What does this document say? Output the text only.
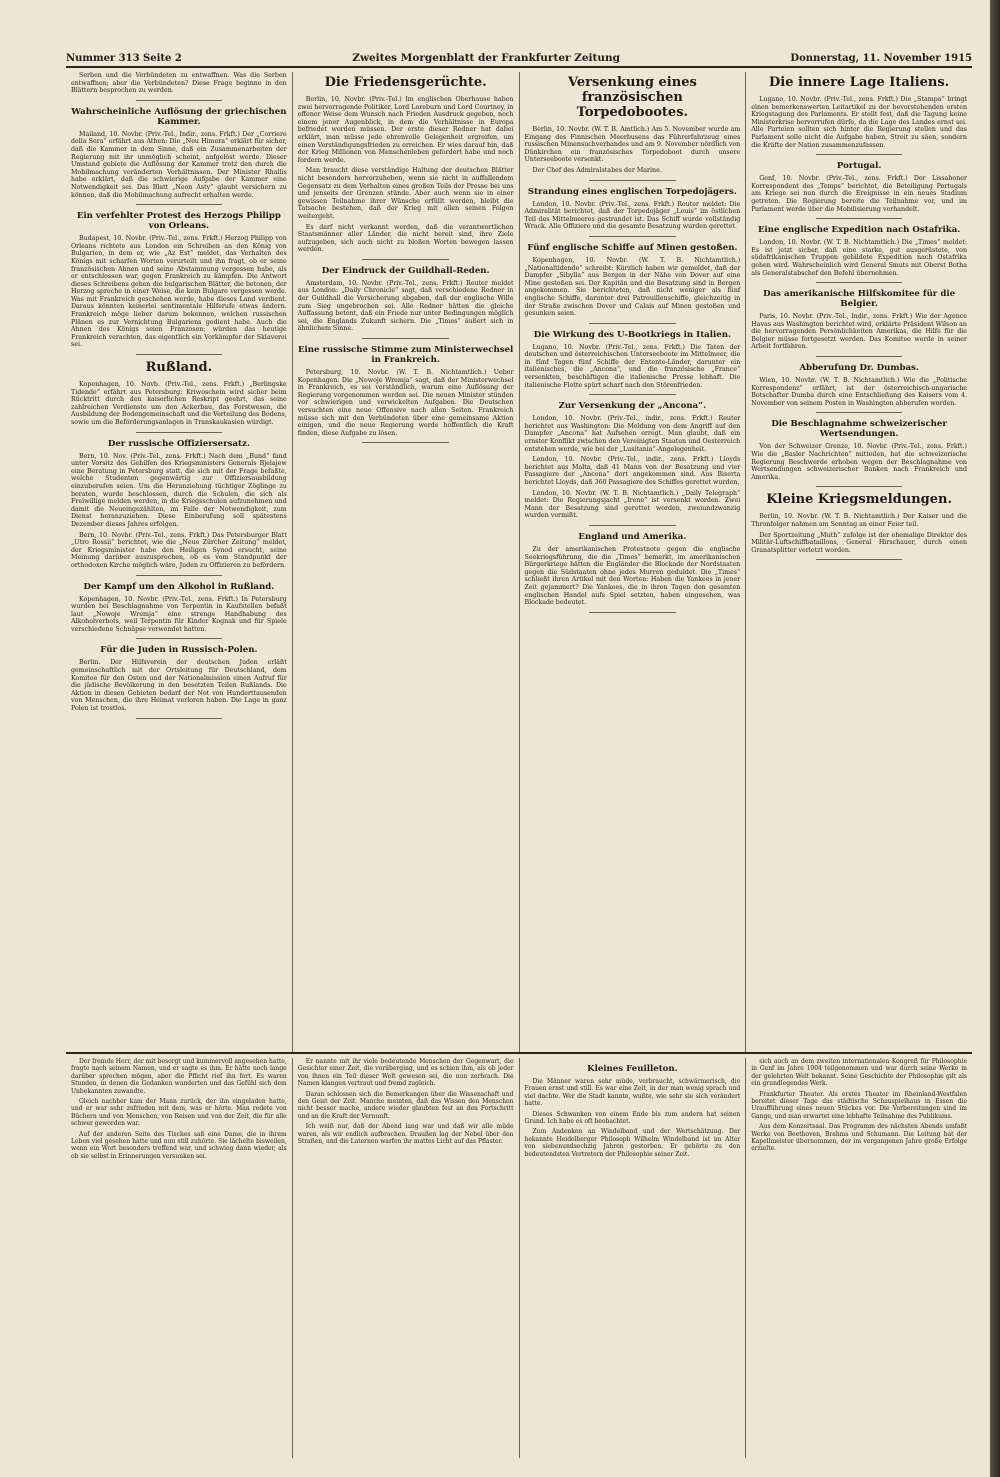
Nummer 313 Seite 2	Zweites Morgenblatt der Frankfurter Zeitung	Donnerstag, 11. November 1915

Serben und die Verbündeten zu entwaffnen. Was die Serben entwaffnen; aber die Verbündeten? Diese Frage beginne in den Blättern besprochen zu werden.

Wahrscheinliche Auflösung der griechischen Kammer.

Mailand, 10. Novbr. (Priv.-Tel., Indir., zens. Frkft.) Der „Corriere della Sera“ erfährt aus Athen: Die „Neu Himera“ erklärt für sicher, daß die Kammer in dem Sinne, daß ein Zusammenarbeiten der Regierung mit ihr unmöglich scheint, aufgelöst werde. Dieser Umstand gebiete die Auflösung der Kammer trotz den durch die Mobilmachung veränderten Verhältnissen. Der Minister Rhallis habe erklärt, daß die schwierige Aufgabe der Kammer eine Notwendigkeit sei. Das Blatt „Neon Asty“ glaubt versichern zu können, daß die Mobilmachung aufrecht erhalten werde.

Ein verfehlter Protest des Herzogs Philipp von Orleans.

Budapest, 10. Novbr. (Priv.-Tel., zens. Frkft.) Herzog Philipp von Orleans richtete aus London ein Schreiben an den König von Bulgarien, in dem er, wie „Az Est“ meldet, das Verhalten des Königs mit scharfen Worten verurteilt und ihn fragt, ob er seine französischen Ahnen und seine Abstammung vergessen habe, als er entschlossen war, gegen Frankreich zu kämpfen. Die Antwort dieses Schreibens gehen die bulgarischen Blätter, die betonen, der Herzog spreche in einer Weise, die kein Bulgare vergessen werde. Was mit Frankreich geschehen werde, habe dieses Land verdient. Daraus könnten keinerlei sentimentale Hilferufe etwas ändern. Frankreich möge lieber darum bekennen, welchen russischen Plänen es zur Vernichtung Bulgariens gedient habe. Auch die Ahnen des Königs seien Franzosen; würden das heutige Frankreich verachten, das eigentlich ein Vorkämpfer der Sklaverei sei.

Rußland.

Kopenhagen, 10. Novb. (Priv.-Tel., zens. Frkft.) „Berlingske Tidende“ erfährt aus Petersburg: Kriwoschein wird sicher beim Rücktritt durch den kaiserlichen Reskript geehrt, das seine zahlreichen Verdienste um den Ackerbau, das Forstwesen, die Ausbildung der Bodengemeinschaft und die Verteilung des Bodens, sowie um die Beförderungsanlagen in Transkaukasien würdigt.

Der russische Offiziersersatz.

Bern, 10. Nov. (Priv.-Tel., zens. Frkft.) Nach dem „Bund“ fand unter Vorsitz des Gehilfen des Kriegsministers Generals Bjelajew eine Beratung in Petersburg statt, die sich mit der Frage befaßte, welche Studenten gegenwärtig zur Offiziersausbildung einzuberufen seien. Um die Heranziehung tüchtiger Zöglinge zu beraten, wurde beschlossen, durch die Schulen, die sich als Freiwillige melden werden, in die Kriegsschulen aufzunehmen und damit die Neueingezählten, im Falle der Notwendigkeit, zum Dienst heranzuziehen. Diese Einberufung soll spätestens Dezember dieses Jahres erfolgen.

Bern, 10. Novbr. (Priv.-Tel., zens. Frkft.) Das Petersburger Blatt „Utro Rossii“ berichtet, wie die „Neue Zürcher Zeitung“ meldet, der Kriegsminister habe den Heiligen Synod ersucht, seine Meinung darüber auszusprechen, ob es vom Standpunkt der orthodoxen Kirche möglich wäre, Juden zu Offizieren zu befördern.

Der Kampf um den Alkohol in Rußland.

Kopenhagen, 10. Novbr. (Priv.-Tel., zens. Frkft.) In Petersburg wurden bei Beschlagnahme von Terpentin in Kaufstellen befaßt laut „Nowoje Wremja“ eine strenge Handhabung des Alkoholverbots, weil Terpentin für Kinder Kognak und für Spiele verschiedene Schnäpse verwendet hatten.

Für die Juden in Russisch-Polen.

Berlin. Der Hilfsverein der deutschen Juden erläßt gemeinschaftlich mit der Ortsleitung für Deutschland, dem Komitee für den Osten und der Nationalmission einen Aufruf für die jüdische Bevölkerung in den besetzten Teilen Rußlands. Die Aktion in diesen Gebieten bedarf der Not von Hunderttausenden von Menschen, die ihre Heimat verloren haben. Die Lage in ganz Polen ist trostlos.

Die Friedensgerüchte.

Berlin, 10. Novbr. (Priv.-Tel.) Im englischen Oberhause haben zwei hervorragende Politiker, Lord Loreburn und Lord Courtney, in offener Weise dem Wunsch nach Frieden Ausdruck gegeben, noch einem jener Augenblick, in dem die Verhältnisse in Europa befriedet werden müssen. Der erste dieser Redner hat dabei erklärt, man müsse jede ehrenvolle Gelegenheit ergreifen, um einen Verständigungsfrieden zu erreichen. Er wies darauf hin, daß der Krieg Millionen von Menschenleben gefordert habe und noch fordern werde.

Man braucht diese verständige Haltung der deutschen Blätter nicht besonders hervorzuheben, wenn sie nicht in auffallendem Gegensatz zu dem Verhalten eines großen Teils der Presse bei uns und jenseits der Grenzen stünde. Aber auch wenn sie in einer gewissen Teilnahme ihrer Wünsche erfüllt werden, bleibt die Tatsache bestehen, daß der Krieg mit allen seinen Folgen weitergeht.

Es darf nicht verkannt werden, daß die verantwortlichen Staatsmänner aller Länder, die nicht bereit sind, ihre Ziele aufzugeben, sich auch nicht zu bloßen Worten bewegen lassen werden.

Der Eindruck der Guildhall-Reden.

Amsterdam, 10. Novbr. (Priv.-Tel., zens. Frkft.) Reuter meldet aus London: „Daily Chronicle“ sagt, daß verschiedene Redner in der Guildhall die Versicherung abgaben, daß der englische Wille zum Sieg ungebrochen sei. Alle Redner hätten die gleiche Auffassung betont, daß ein Friede nur unter Bedingungen möglich sei, die Englands Zukunft sichern. Die „Times“ äußert sich in ähnlichem Sinne.

Eine russische Stimme zum Ministerwechsel in Frankreich.

Petersburg, 10. Novbr. (W. T. B. Nichtamtlich.) Ueber Kopenhagen. Die „Nowoje Wremja“ sagt, daß der Ministerwechsel in Frankreich, es sei verständlich, warum eine Auflösung der Regierung vorgenommen werden sei. Die neuen Minister stünden vor schwierigen und verwickelten Aufgaben. Die Deutschen versuchten eine neue Offensive nach allen Seiten. Frankreich müsse sich mit den Verbündeten über eine gemeinsame Aktion einigen, und die neue Regierung werde hoffentlich die Kraft finden, diese Aufgabe zu lösen.

Versenkung eines französischen Torpedobootes.

Berlin, 10. Novbr. (W. T. B. Amtlich.) Am 5. November wurde am Eingang des Finnischen Meerbusens das Führerfahrzeug eines russischen Minensuchverbandes und am 9. November nördlich von Dünkirchen ein französisches Torpedoboot durch unsere Unterseeboote versenkt.

Der Chef des Admiralstabes der Marine.

Strandung eines englischen Torpedojägers.

London, 10. Novbr. (Priv.-Tel., zens. Frkft.) Reuter meldet: Die Admiralität berichtet, daß der Torpedojäger „Louis“ im östlichen Teil des Mittelmeeres gestrandet ist. Das Schiff wurde vollständig Wrack. Alle Offiziere und die gesamte Besatzung wurden gerettet.

Fünf englische Schiffe auf Minen gestoßen.

Kopenhagen, 10. Novbr. (W. T. B. Nichtamtlich.) „Nationaltidende“ schreibt: Kürzlich haben wir gemeldet, daß der Dampfer „Sibylla“ aus Bergen in der Nähe von Dover auf eine Mine gestoßen sei. Der Kapitän und die Besatzung sind in Bergen angekommen. Sie berichteten, daß nicht weniger als fünf englische Schiffe, darunter drei Patrouillenschiffe, gleichzeitig in der Straße zwischen Dover und Calais auf Minen gestoßen und gesunken seien.

Die Wirkung des U-Bootkriegs in Italien.

Lugano, 10. Novbr. (Priv.-Tel., zens. Frkft.) Die Taten der deutschen und österreichischen Unterseeboote im Mittelmeer, die in fünf Tagen fünf Schiffe der Entente-Länder, darunter ein italienisches, die „Ancona“, und die französische „France“ versenkten, beschäftigen die italienische Presse lebhaft. Die italienische Flotte spürt scharf nach den Störenfrieden.

Zur Versenkung der „Ancona“.

London, 10. Novbr. (Priv.-Tel., indir., zens. Frkft.) Reuter berichtet aus Washington: Die Meldung von dem Angriff auf den Dampfer „Ancona“ hat Aufsehen erregt. Man glaubt, daß ein ernster Konflikt zwischen den Vereinigten Staaten und Oesterreich entstehen werde, wie bei der „Lusitania“-Angelegenheit.

London, 10. Novbr. (Priv.-Tel., indir., zens. Frkft.) Lloyds berichtet aus Malta, daß 41 Mann von der Besatzung und vier Passagiere der „Ancona“ dort angekommen sind. Aus Biserta berichtet Lloyds, daß 360 Passagiere des Schiffes gerettet wurden.

London, 10. Novbr. (W. T. B. Nichtamtlich.) „Daily Telegraph“ meldet: Die Regierungsjacht „Irene“ ist versenkt worden. Zwei Mann der Besatzung sind gerettet worden, zweiundzwanzig wurden vermißt.

England und Amerika.

Zu der amerikanischen Protestnote gegen die englische Seekriegsführung, die die „Times“ bemerkt, im amerikanischen Bürgerkriege hätten die Engländer die Blockade der Nordstaaten gegen die Südstaaten ohne jedes Murren geduldet. Die „Times“ schließt ihren Artikel mit den Worten: Haben die Yankees in jener Zeit gejammert? Die Yankees, die in ihren Tagen den gesamten englischen Handel aufs Spiel setzten, haben eingesehen, was Blockade bedeutet.

Die innere Lage Italiens.

Lugano, 10. Novbr. (Priv.-Tel., zens. Frkft.) Die „Stampa“ bringt einen bemerkenswerten Leitartikel zu der bevorstehenden ersten Kriegstagung des Parlaments. Er stellt fest, daß die Tagung keine Ministerkrise hervorrufen dürfe, da die Lage des Landes ernst sei. Alle Parteien sollten sich hinter die Regierung stellen und das Parlament solle nicht die Aufgabe haben, Streit zu säen, sondern die Kräfte der Nation zusammenzufassen.

Portugal.

Genf, 10. Novbr. (Priv.-Tel., zens. Frkft.) Der Lissaboner Korrespondent des „Temps“ berichtet, die Beteiligung Portugals am Kriege sei nun durch die Ereignisse in ein neues Stadium getreten. Die Regierung bereite die Teilnahme vor, und im Parlament werde über die Mobilisierung verhandelt.

Eine englische Expedition nach Ostafrika.

London, 10. Novbr. (W. T. B. Nichtamtlich.) Die „Times“ meldet: Es ist jetzt sicher, daß eine starke, gut ausgerüstete, von südafrikanischen Truppen gebildete Expedition nach Ostafrika gehen wird. Wahrscheinlich wird General Smuts mit Oberst Botha als Generalstabschef den Befehl übernehmen.

Das amerikanische Hilfskomitee für die Belgier.

Paris, 10. Novbr. (Priv.-Tel., Indir., zens. Frkft.) Wie der Agence Havas aus Washington berichtet wird, erklärte Präsident Wilson an die hervorragenden Persönlichkeiten Amerikas, die Hilfe für die Belgier müsse fortgesetzt werden. Das Komitee werde in seiner Arbeit fortfahren.

Abberufung Dr. Dumbas.

Wien, 10. Novbr. (W. T. B. Nichtamtlich.) Wie die „Politische Korrespondenz“ erfährt, ist der österreichisch-ungarische Botschafter Dumba durch eine Entschließung des Kaisers vom 4. November von seinem Posten in Washington abberufen worden.

Die Beschlagnahme schweizerischer Wertsendungen.

Von der Schweizer Grenze, 10. Novbr. (Priv.-Tel., zens. Frkft.) Wie die „Basler Nachrichten“ mitteilen, hat die schweizerische Regierung Beschwerde erhoben wegen der Beschlagnahme von Wertsendungen schweizerischer Banken nach Frankreich und Amerika.

Kleine Kriegsmeldungen.

Berlin, 10. Novbr. (W. T. B. Nichtamtlich.) Der Kaiser und die Thronfolger nahmen am Sonntag an einer Feier teil.

Der Sportzeitung „Muth“ zufolge ist der ehemalige Direktor des Militär-Luftschiffbataillons, General Hirschauer, durch einen Granatsplitter verletzt worden.

Der fremde Herr, der mit besorgt und kummervoll angesehen hatte, fragte nach seinem Namen, und er sagte es ihm. Er hätte noch lange darüber sprechen mögen, aber die Pflicht rief ihn fort. Es waren Stunden, in denen die Gedanken wanderten und das Gefühl sich dem Unbekannten zuwandte.

Gleich nachher kam der Mann zurück, der ihn eingeladen hatte, und er war sehr zufrieden mit dem, was er hörte. Man redete von Büchern und von Menschen, von Reisen und von der Zeit, die für alle schwer geworden war.

Auf der anderen Seite des Tisches saß eine Dame, die in ihrem Leben viel gesehen hatte und nun still zuhörte. Sie lächelte bisweilen, wenn ein Wort besonders treffend war, und schwieg dann wieder, als ob sie selbst in Erinnerungen versunken sei.

Er nannte mit ihr viele bedeutende Menschen der Gegenwart, die Gesichter einer Zeit, die vorüberging, und es schien ihm, als ob jeder von ihnen ein Teil dieser Welt gewesen sei, die nun zerbrach. Die Namen klangen vertraut und fremd zugleich.

Daran schlossen sich die Bemerkungen über die Wissenschaft und den Geist der Zeit. Manche meinten, daß das Wissen den Menschen nicht besser mache, andere wieder glaubten fest an den Fortschritt und an die Kraft der Vernunft.

Ich weiß nur, daß der Abend lang war und daß wir alle müde waren, als wir endlich aufbrachen. Draußen lag der Nebel über den Straßen, und die Laternen warfen ihr mattes Licht auf das Pflaster.

Kleines Feuilleton.

Die Männer waren sehr müde, verbraucht, schwärmerisch, die Frauen ernst und still. Es war eine Zeit, in der man wenig sprach und viel dachte. Wer die Stadt kannte, wußte, wie sehr sie sich verändert hatte.

Dieses Schwanken von einem Ende bis zum andern hat seinen Grund. Ich habe es oft beobachtet.

Zum Andenken an Windelband und der Wertschätzung. Der bekannte Heidelberger Philosoph Wilhelm Windelband ist im Alter von siebenundsechzig Jahren gestorben. Er gehörte zu den bedeutendsten Vertretern der Philosophie seiner Zeit.

sich auch an dem zweiten internationalen Kongreß für Philosophie in Genf im Jahre 1904 teilgenommen und war durch seine Werke in der gelehrten Welt bekannt. Seine Geschichte der Philosophie gilt als ein grundlegendes Werk.

Frankfurter Theater. Als erstes Theater im Rheinland-Westfalen bereitet dieser Tage das städtische Schauspielhaus in Essen die Uraufführung eines neuen Stückes vor. Die Vorbereitungen sind im Gange, und man erwartet eine lebhafte Teilnahme des Publikums.

Aus dem Konzertsaal. Das Programm des nächsten Abends umfaßt Werke von Beethoven, Brahms und Schumann. Die Leitung hat der Kapellmeister übernommen, der im vergangenen Jahre große Erfolge erzielte.
